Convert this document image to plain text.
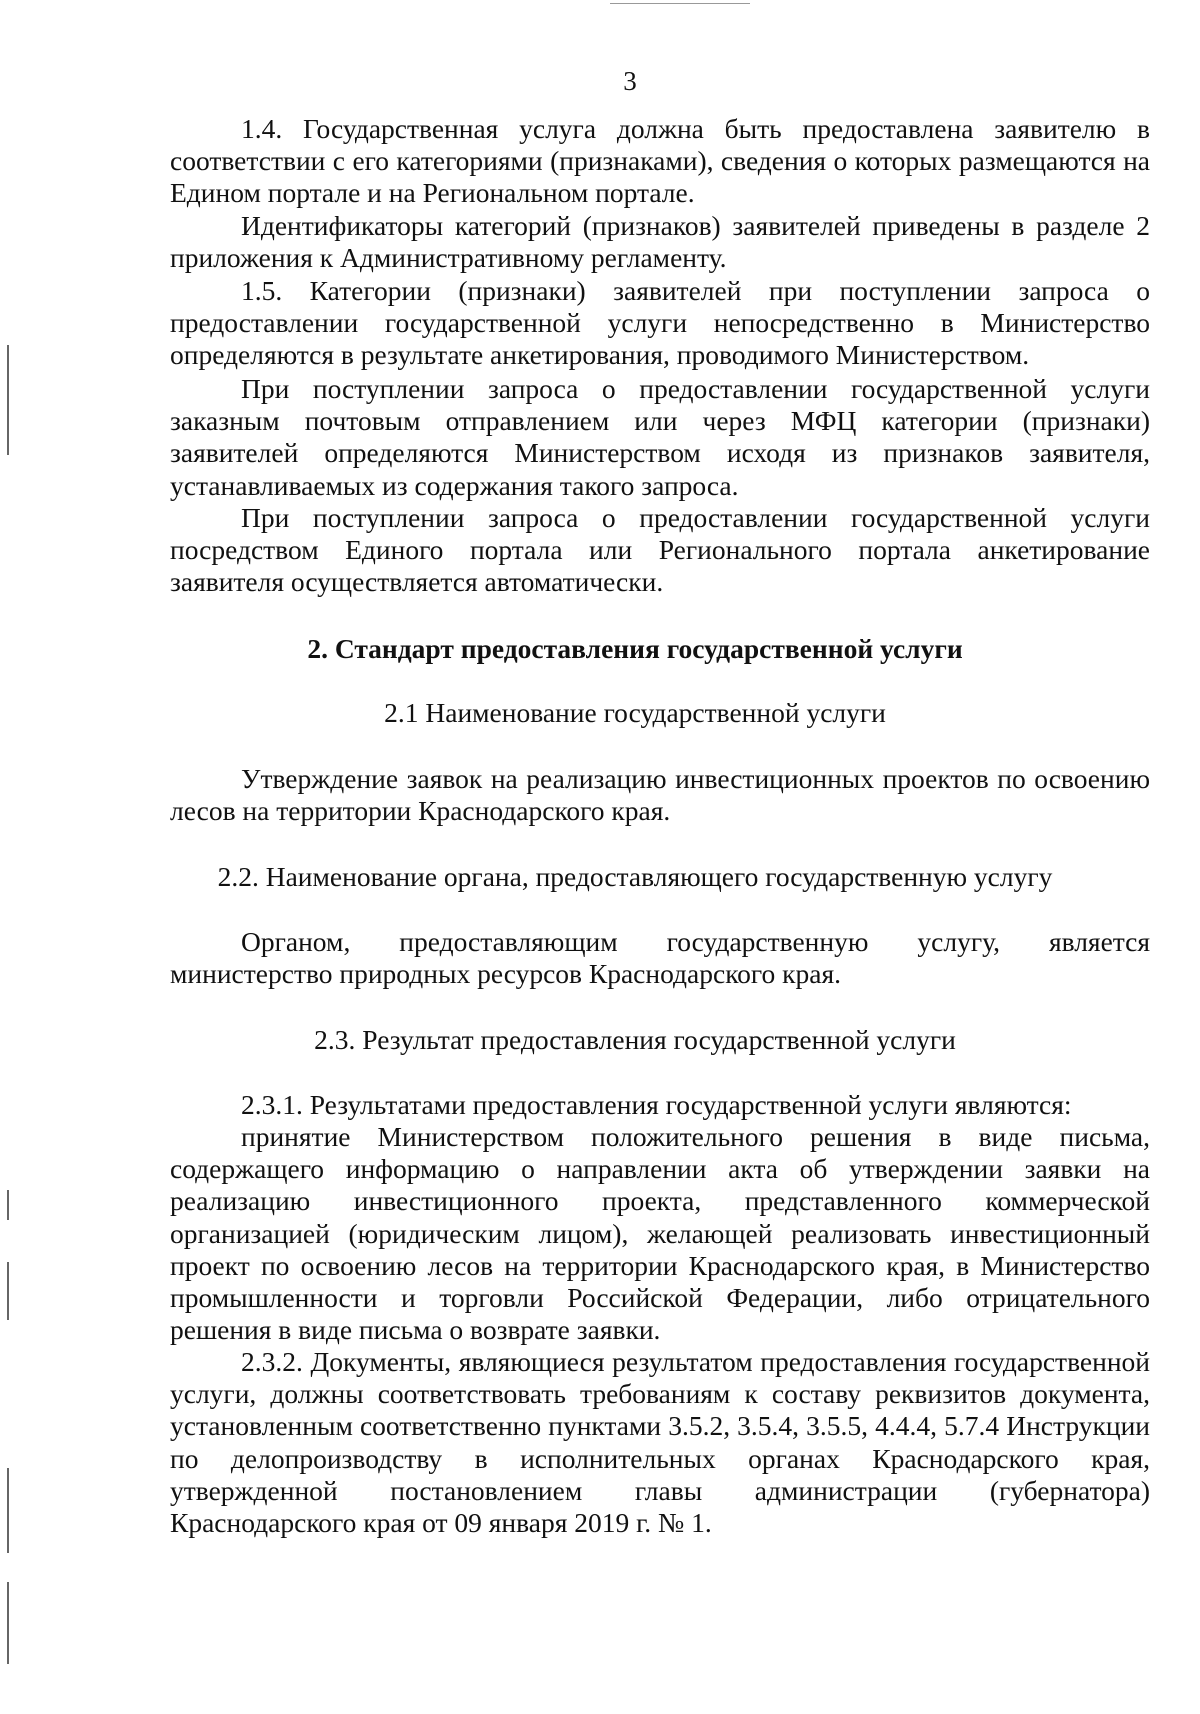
3

1.4. Государственная услуга должна быть предоставлена заявителю в соответствии с его категориями (признаками), сведения о которых размещаются на Едином портале и на Региональном портале.

Идентификаторы категорий (признаков) заявителей приведены в разделе 2 приложения к Административному регламенту.

1.5. Категории (признаки) заявителей при поступлении запроса о предоставлении государственной услуги непосредственно в Министерство определяются в результате анкетирования, проводимого Министерством.

При поступлении запроса о предоставлении государственной услуги заказным почтовым отправлением или через МФЦ категории (признаки) заявителей определяются Министерством исходя из признаков заявителя, устанавливаемых из содержания такого запроса.

При поступлении запроса о предоставлении государственной услуги посредством Единого портала или Регионального портала анкетирование заявителя осуществляется автоматически.

2. Стандарт предоставления государственной услуги
2.1 Наименование государственной услуги

Утверждение заявок на реализацию инвестиционных проектов по освоению лесов на территории Краснодарского края.

2.2. Наименование органа, предоставляющего государственную услугу

Органом, предоставляющим государственную услугу, является министерство природных ресурсов Краснодарского края.

2.3. Результат предоставления государственной услуги

2.3.1. Результатами предоставления государственной услуги являются:

принятие Министерством положительного решения в виде письма, содержащего информацию о направлении акта об утверждении заявки на реализацию инвестиционного проекта, представленного коммерческой организацией (юридическим лицом), желающей реализовать инвестиционный проект по освоению лесов на территории Краснодарского края, в Министерство промышленности и торговли Российской Федерации, либо отрицательного решения в виде письма о возврате заявки.

2.3.2. Документы, являющиеся результатом предоставления государственной услуги, должны соответствовать требованиям к составу реквизитов документа, установленным соответственно пунктами 3.5.2, 3.5.4, 3.5.5, 4.4.4, 5.7.4 Инструкции по делопроизводству в исполнительных органах Краснодарского края, утвержденной постановлением главы администрации (губернатора) Краснодарского края от 09 января 2019 г. № 1.
